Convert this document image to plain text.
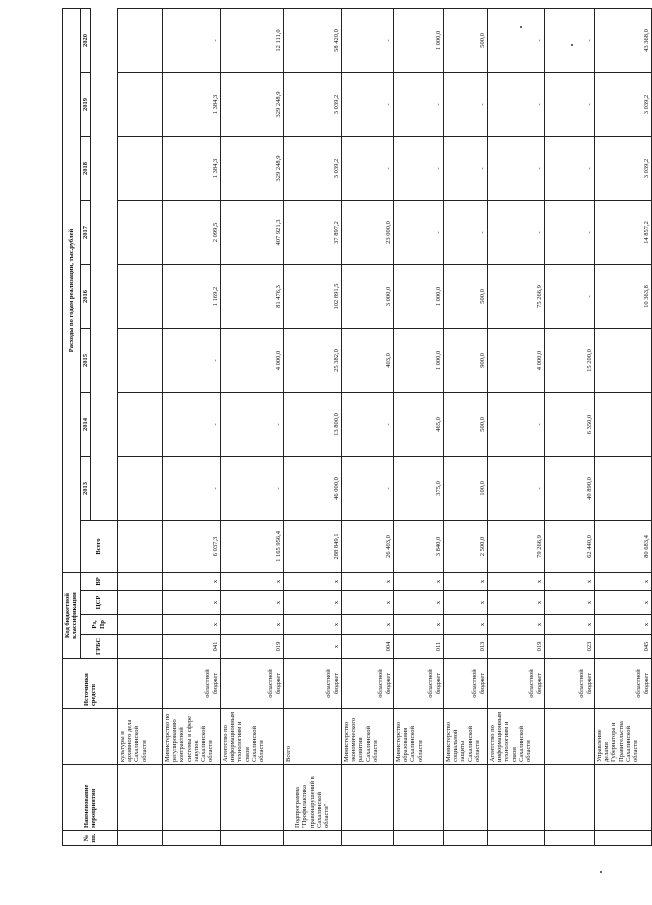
№ пп.	Наименование мероприятия		Источники средств	Код бюджетной классификации				Расходы по годам реализации, тыс.рублей								
				ГРБС	Рз, Пр	ЦСР	ВР	Всего	2013	2014	2015	2016	2017	2018	2019	2020

		культуры и архивного дела Сахалинской области														
		Министерство по регулированию контрактной системы в сфере закупок Сахалинской области	областной бюджет	041	x	x	x	6 037,3	-	-	-	1 169,2	2 099,5	1 384,3	1 384,3	-
		Агентство по информационным технологиям и связи Сахалинской области	областной бюджет	019	x	x	x	1 165 956,4	-	-	4 000,0	81 476,3	407 921,3	329 248,9	329 248,9	12 111,0
	Подпрограмма "Профилактика правонарушений в Сахалинской области"	Всего	областной бюджет	x	x	x	x	288 849,1	46 000,0	13 800,0	25 382,0	102 891,5	37 897,2	3 039,2	3 039,2	58 420,0
		Министерство экономического развития Сахалинской области	областной бюджет	004	x	x	x	26 403,0	-	-	403,0	3 000,0	23 000,0	-	-	-
		Министерство образования Сахалинской области	областной бюджет	011	x	x	x	3 840,0	375,0	465,0	1 000,0	1 000,0	-	-	-	1 000,0
		Министерство социальной защиты Сахалинской области	областной бюджет	013	x	x	x	2 500,0	100,0	500,0	900,0	500,0	-	-	-	500,0
		Агентство по информационным технологиям и связи Сахалинской области	областной бюджет	019	x	x	x	79 266,9	-	-	4 000,0	75 266,9	-	-	-	-
			областной бюджет	023	x	x	x	62 440,0	40 890,0	6 350,0	15 200,0	-	-	-	-	-
		Управление делами Губернатора и Правительства Сахалинской области	областной бюджет	045	x	x	x	80 683,4				10 363,8	14 857,2	3 039,2	3 039,2	43 368,0
